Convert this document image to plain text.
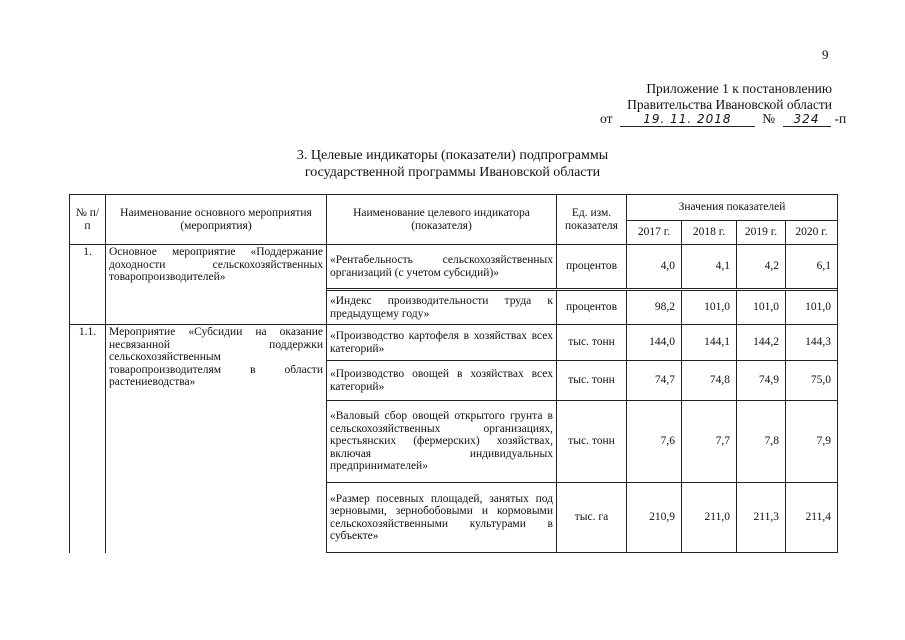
9
Приложение 1 к постановлению
Правительства Ивановской области
от	19. 11. 2018 № 324 -п
3. Целевые индикаторы (показатели) подпрограммы
государственной программы Ивановской области
№ п/п	Наименование основного мероприятия (мероприятия)	Наименование целевого индикатора (показателя)	Ед. изм. показателя	Значения показателей			
				2017 г.	2018 г.	2019 г.	2020 г.
1.	Основное мероприятие «Поддержание доходности сельскохозяйственных товаропроизводителей»	«Рентабельность сельскохозяйственных организаций (с учетом субсидий)»	процентов	4,0	4,1	4,2	6,1

		«Индекс производительности труда к предыдущему году»	процентов	98,2	101,0	101,0	101,0
1.1.	Мероприятие «Субсидии на оказание несвязанной поддержки сельскохозяйственным товаропроизводителям в области растениеводства»	«Производство картофеля в хозяйствах всех категорий»	тыс. тонн	144,0	144,1	144,2	144,3
		«Производство овощей в хозяйствах всех категорий»	тыс. тонн	74,7	74,8	74,9	75,0
		«Валовый сбор овощей открытого грунта в сельскохозяйственных организациях, крестьянских (фермерских) хозяйствах, включая индивидуальных предпринимателей»	тыс. тонн	7,6	7,7	7,8	7,9
		«Размер посевных площадей, занятых под зерновыми, зернобобовыми и кормовыми сельскохозяйственными культурами в субъекте»	тыс. га	210,9	211,0	211,3	211,4
